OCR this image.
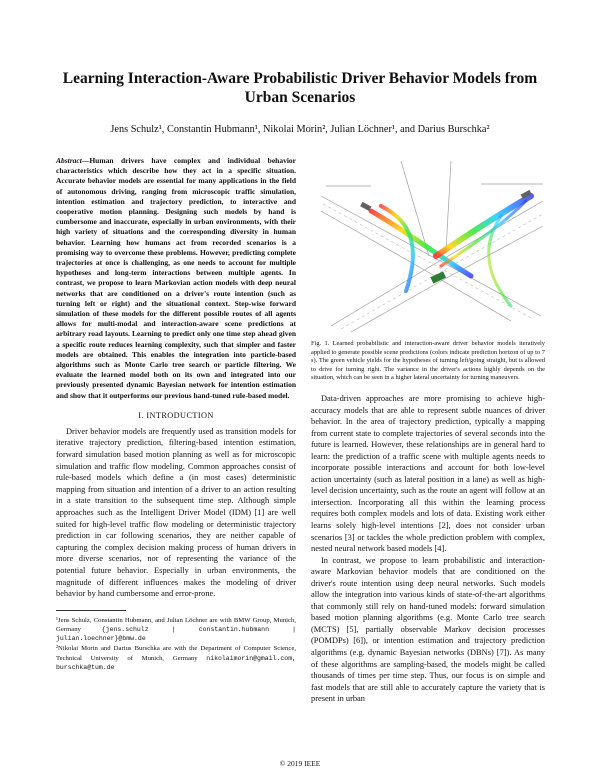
Learning Interaction-Aware Probabilistic Driver Behavior Models from Urban Scenarios
Jens Schulz¹, Constantin Hubmann¹, Nikolai Morin², Julian Löchner¹, and Darius Burschka²

Abstract—Human drivers have complex and individual behavior characteristics which describe how they act in a specific situation. Accurate behavior models are essential for many applications in the field of autonomous driving, ranging from microscopic traffic simulation, intention estimation and trajectory prediction, to interactive and cooperative motion planning. Designing such models by hand is cumbersome and inaccurate, especially in urban environments, with their high variety of situations and the corresponding diversity in human behavior. Learning how humans act from recorded scenarios is a promising way to overcome these problems. However, predicting complete trajectories at once is challenging, as one needs to account for multiple hypotheses and long-term interactions between multiple agents. In contrast, we propose to learn Markovian action models with deep neural networks that are conditioned on a driver's route intention (such as turning left or right) and the situational context. Step-wise forward simulation of these models for the different possible routes of all agents allows for multi-modal and interaction-aware scene predictions at arbitrary road layouts. Learning to predict only one time step ahead given a specific route reduces learning complexity, such that simpler and faster models are obtained. This enables the integration into particle-based algorithms such as Monte Carlo tree search or particle filtering. We evaluate the learned model both on its own and integrated into our previously presented dynamic Bayesian network for intention estimation and show that it outperforms our previous hand-tuned rule-based model.

I. INTRODUCTION

Driver behavior models are frequently used as transition models for iterative trajectory prediction, filtering-based intention estimation, forward simulation based motion planning as well as for microscopic simulation and traffic flow modeling. Common approaches consist of rule-based models which define a (in most cases) deterministic mapping from situation and intention of a driver to an action resulting in a state transition to the subsequent time step. Although simple approaches such as the Intelligent Driver Model (IDM) [1] are well suited for high-level traffic flow modeling or deterministic trajectory prediction in car following scenarios, they are neither capable of capturing the complex decision making process of human drivers in more diverse scenarios, nor of representing the variance of the potential future behavior. Especially in urban environments, the magnitude of different influences makes the modeling of driver behavior by hand cumbersome and error-prone.

¹Jens Schulz, Constantin Hubmann, and Julian Löchner are with BMW Group, Munich, Germany	{jens.schulz | constantin.hubmann | julian.loechner}@bmw.de

²Nikolai Morin and Darius Burschka are with the Department of Computer Science, Technical University of Munich, Germany nikolaimorin@gmail.com, burschka@tum.de

Fig. 1. Learned probabilistic and interaction-aware driver behavior models iteratively applied to generate possible scene predictions (colors indicate prediction horizon of up to 7 s). The green vehicle yields for the hypotheses of turning left/going straight, but is allowed to drive for turning right. The variance in the driver's actions highly depends on the situation, which can be seen in a higher lateral uncertainty for turning maneuvers.

Data-driven approaches are more promising to achieve high-accuracy models that are able to represent subtle nuances of driver behavior. In the area of trajectory prediction, typically a mapping from current state to complete trajectories of several seconds into the future is learned. However, these relationships are in general hard to learn: the prediction of a traffic scene with multiple agents needs to incorporate possible interactions and account for both low-level action uncertainty (such as lateral position in a lane) as well as high-level decision uncertainty, such as the route an agent will follow at an intersection. Incorporating all this within the learning process requires both complex models and lots of data. Existing work either learns solely high-level intentions [2], does not consider urban scenarios [3] or tackles the whole prediction problem with complex, nested neural network based models [4].

In contrast, we propose to learn probabilistic and interaction-aware Markovian behavior models that are conditioned on the driver's route intention using deep neural networks. Such models allow the integration into various kinds of state-of-the-art algorithms that commonly still rely on hand-tuned models: forward simulation based motion planning algorithms (e.g. Monte Carlo tree search (MCTS) [5], partially observable Markov decision processes (POMDPs) [6]), or intention estimation and trajectory prediction algorithms (e.g. dynamic Bayesian networks (DBNs) [7]). As many of these algorithms are sampling-based, the models might be called thousands of times per time step. Thus, our focus is on simple and fast models that are still able to accurately capture the variety that is present in urban

© 2019 IEEE
